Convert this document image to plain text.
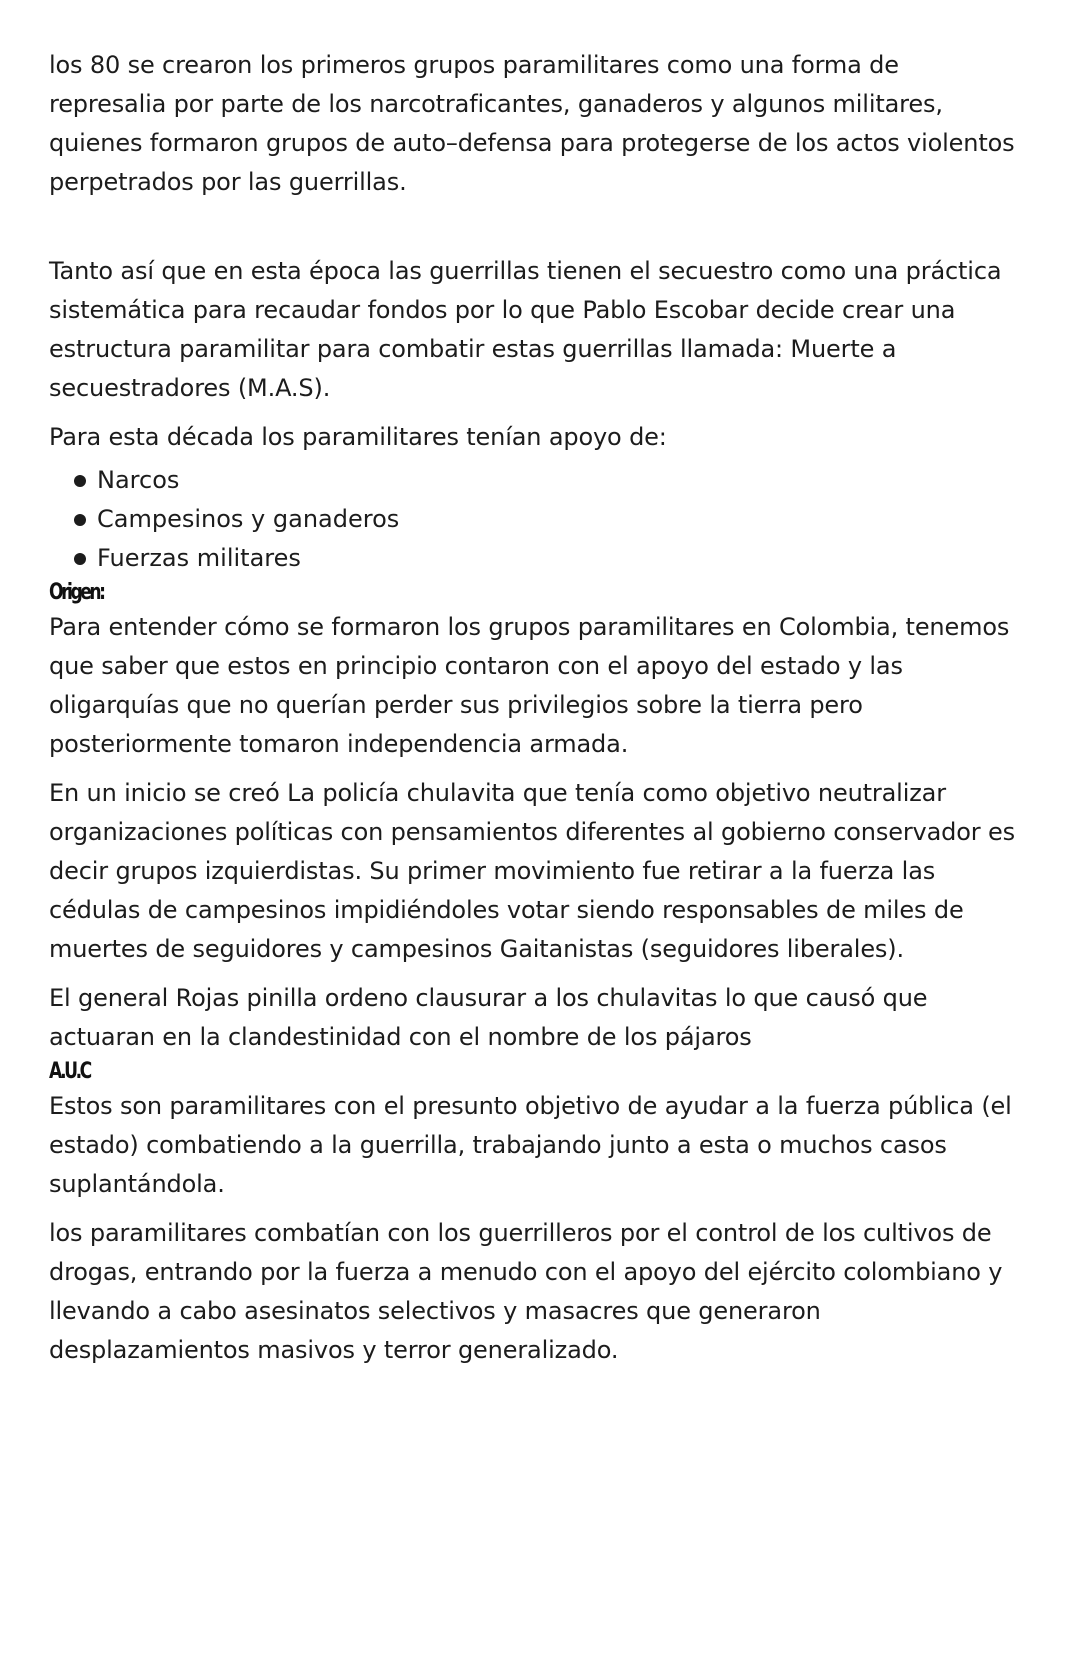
los 80 se crearon los primeros grupos paramilitares como una forma de represalia por parte de los narcotraficantes, ganaderos y algunos militares, quienes formaron grupos de auto–defensa para protegerse de los actos violentos perpetrados por las guerrillas.

Tanto así que en esta época las guerrillas tienen el secuestro como una práctica sistemática para recaudar fondos por lo que Pablo Escobar decide crear una estructura paramilitar para combatir estas guerrillas llamada: Muerte a secuestradores (M.A.S).

Para esta década los paramilitares tenían apoyo de:

Narcos
Campesinos y ganaderos
Fuerzas militares
Origen:

Para entender cómo se formaron los grupos paramilitares en Colombia, tenemos que saber que estos en principio contaron con el apoyo del estado y las oligarquías que no querían perder sus privilegios sobre la tierra pero posteriormente tomaron independencia armada.

En un inicio se creó La policía chulavita que tenía como objetivo neutralizar organizaciones políticas con pensamientos diferentes al gobierno conservador es decir grupos izquierdistas. Su primer movimiento fue retirar a la fuerza las cédulas de campesinos impidiéndoles votar siendo responsables de miles de muertes de seguidores y campesinos Gaitanistas (seguidores liberales).

El general Rojas pinilla ordeno clausurar a los chulavitas lo que causó que actuaran en la clandestinidad con el nombre de los pájaros

A.U.C

Estos son paramilitares con el presunto objetivo de ayudar a la fuerza pública (el estado) combatiendo a la guerrilla, trabajando junto a esta o muchos casos suplantándola.

los paramilitares combatían con los guerrilleros por el control de los cultivos de drogas, entrando por la fuerza a menudo con el apoyo del ejército colombiano y llevando a cabo asesinatos selectivos y masacres que generaron desplazamientos masivos y terror generalizado.
